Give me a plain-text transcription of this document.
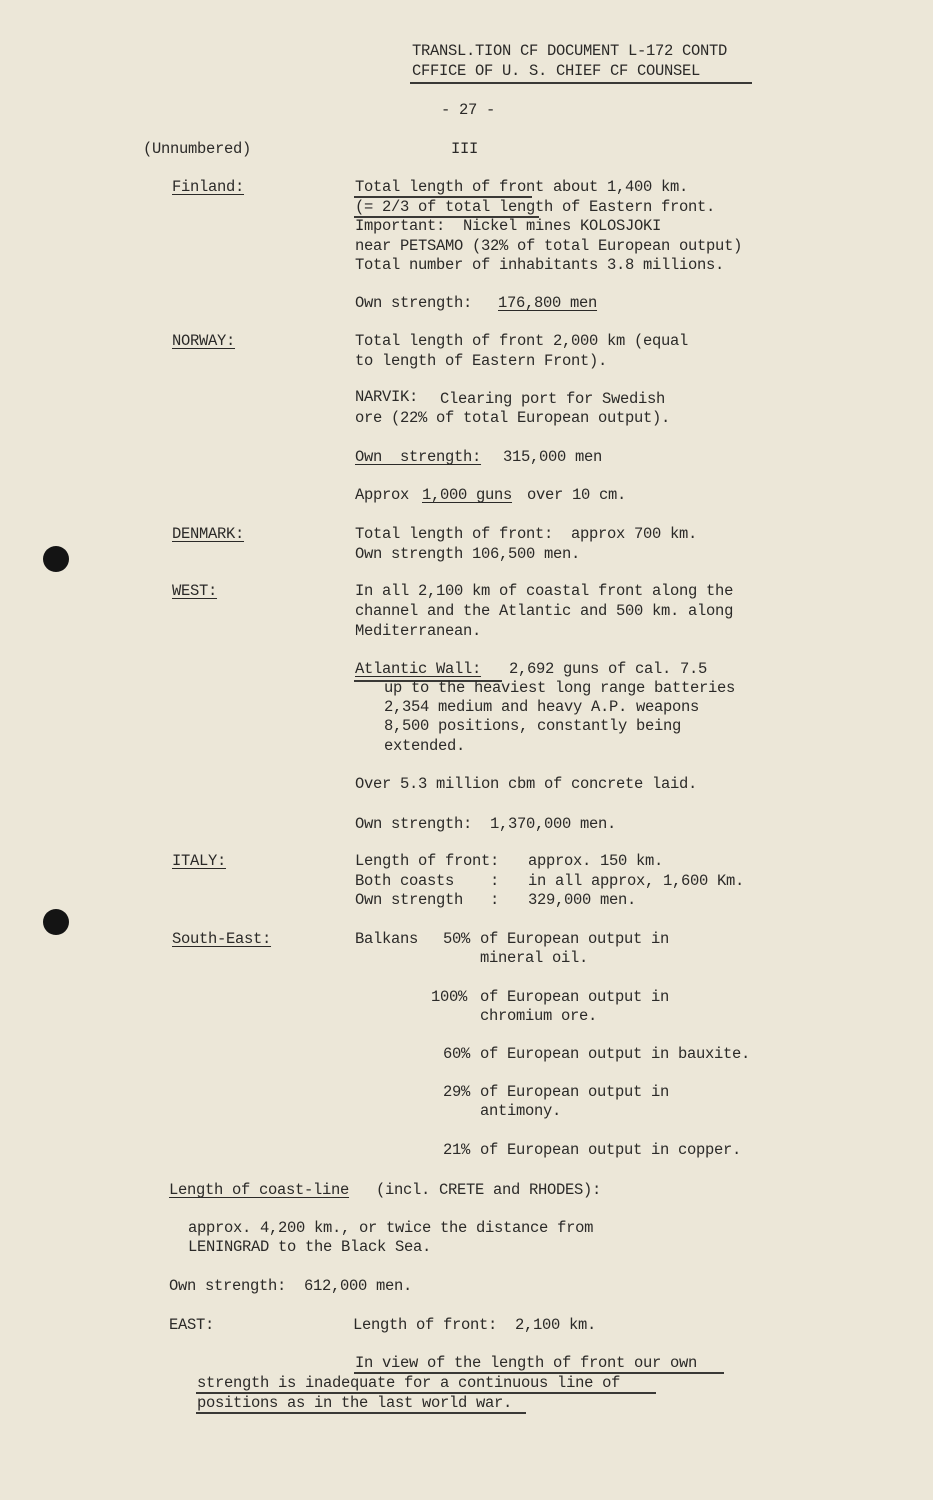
TRANSL.TION CF DOCUMENT L-172 CONTD
CFFICE OF U. S. CHIEF CF COUNSEL
- 27 -
(Unnumbered)	III
Finland:	Total length of front about 1,400 km.
(= 2/3 of total length of Eastern front.
Important:  Nickel mines KOLOSJOKI
near PETSAMO (32% of total European output)
Total number of inhabitants 3.8 millions.
Own strength: 176,800 men
NORWAY:	Total length of front 2,000 km (equal
to length of Eastern Front).
NARVIK: Clearing port for Swedish
ore (22% of total European output).
Own  strength: 315,000 men
Approx 1,000 guns over 10 cm.
DENMARK:	Total length of front:  approx 700 km.
Own strength 106,500 men.
WEST:	In all 2,100 km of coastal front along the
channel and the Atlantic and 500 km. along
Mediterranean.
Atlantic Wall: 2,692 guns of cal. 7.5
up to the heaviest long range batteries
2,354 medium and heavy A.P. weapons
8,500 positions, constantly being
extended.
Over 5.3 million cbm of concrete laid.
Own strength:  1,370,000 men.
ITALY:	Length of front: approx. 150 km.
Both coasts    : in all approx, 1,600 Km.
Own strength   : 329,000 men.
South-East:	Balkans 50% of European output in
mineral oil.
100% of European output in
chromium ore.
60% of European output in bauxite.
29% of European output in
antimony.
21% of European output in copper.
Length of coast-line (incl. CRETE and RHODES):
approx. 4,200 km., or twice the distance from
LENINGRAD to the Black Sea.
Own strength:  612,000 men.
EAST:	Length of front:  2,100 km.
In view of the length of front our own
strength is inadequate for a continuous line of
positions as in the last world war.
